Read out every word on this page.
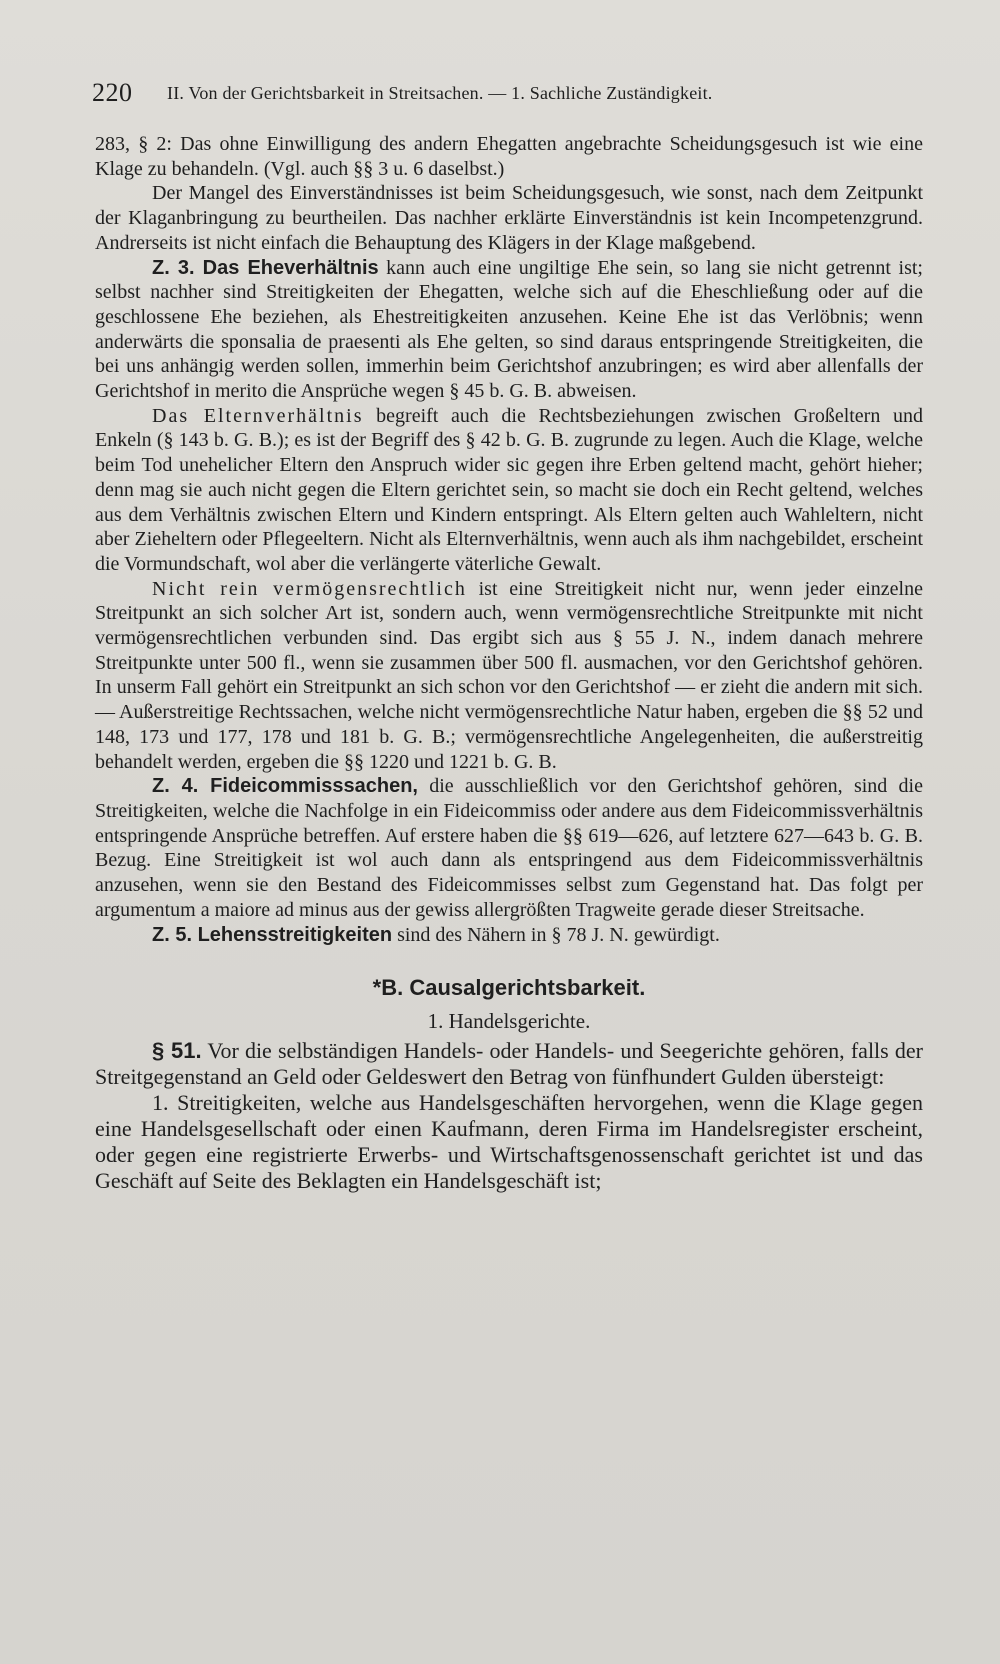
220 II. Von der Gerichtsbarkeit in Streitsachen. — 1. Sachliche Zuständigkeit.

283, § 2: Das ohne Einwilligung des andern Ehegatten angebrachte Scheidungsgesuch ist wie eine Klage zu behandeln. (Vgl. auch §§ 3 u. 6 daselbst.)

Der Mangel des Einverständnisses ist beim Scheidungsgesuch, wie sonst, nach dem Zeitpunkt der Klaganbringung zu beurtheilen. Das nachher erklärte Einverständnis ist kein Incompetenzgrund. Andrerseits ist nicht einfach die Behauptung des Klägers in der Klage maßgebend.

Z. 3. Das Eheverhältnis kann auch eine ungiltige Ehe sein, so lang sie nicht getrennt ist; selbst nachher sind Streitigkeiten der Ehegatten, welche sich auf die Eheschließung oder auf die geschlossene Ehe beziehen, als Ehestreitigkeiten anzusehen. Keine Ehe ist das Verlöbnis; wenn anderwärts die sponsalia de praesenti als Ehe gelten, so sind daraus entspringende Streitigkeiten, die bei uns anhängig werden sollen, immerhin beim Gerichtshof anzubringen; es wird aber allenfalls der Gerichtshof in merito die Ansprüche wegen § 45 b. G. B. abweisen.

Das Elternverhältnis begreift auch die Rechtsbeziehungen zwischen Großeltern und Enkeln (§ 143 b. G. B.); es ist der Begriff des § 42 b. G. B. zugrunde zu legen. Auch die Klage, welche beim Tod unehelicher Eltern den Anspruch wider sic gegen ihre Erben geltend macht, gehört hieher; denn mag sie auch nicht gegen die Eltern gerichtet sein, so macht sie doch ein Recht geltend, welches aus dem Verhältnis zwischen Eltern und Kindern entspringt. Als Eltern gelten auch Wahleltern, nicht aber Zieheltern oder Pflegeeltern. Nicht als Elternverhältnis, wenn auch als ihm nachgebildet, erscheint die Vormundschaft, wol aber die verlängerte väterliche Gewalt.

Nicht rein vermögensrechtlich ist eine Streitigkeit nicht nur, wenn jeder einzelne Streitpunkt an sich solcher Art ist, sondern auch, wenn vermögensrechtliche Streitpunkte mit nicht vermögensrechtlichen verbunden sind. Das ergibt sich aus § 55 J. N., indem danach mehrere Streitpunkte unter 500 fl., wenn sie zusammen über 500 fl. ausmachen, vor den Gerichtshof gehören. In unserm Fall gehört ein Streitpunkt an sich schon vor den Gerichtshof — er zieht die andern mit sich. — Außerstreitige Rechtssachen, welche nicht vermögensrechtliche Natur haben, ergeben die §§ 52 und 148, 173 und 177, 178 und 181 b. G. B.; vermögensrechtliche Angelegenheiten, die außerstreitig behandelt werden, ergeben die §§ 1220 und 1221 b. G. B.

Z. 4. Fideicommisssachen, die ausschließlich vor den Gerichtshof gehören, sind die Streitigkeiten, welche die Nachfolge in ein Fideicommiss oder andere aus dem Fideicommissverhältnis entspringende Ansprüche betreffen. Auf erstere haben die §§ 619—626, auf letztere 627—643 b. G. B. Bezug. Eine Streitigkeit ist wol auch dann als entspringend aus dem Fideicommissverhältnis anzusehen, wenn sie den Bestand des Fideicommisses selbst zum Gegenstand hat. Das folgt per argumentum a maiore ad minus aus der gewiss allergrößten Tragweite gerade dieser Streitsache.

Z. 5. Lehensstreitigkeiten sind des Nähern in § 78 J. N. gewürdigt.

*B. Causalgerichtsbarkeit.
1. Handelsgerichte.

§ 51. Vor die selbständigen Handels- oder Handels- und Seegerichte gehören, falls der Streitgegenstand an Geld oder Geldeswert den Betrag von fünfhundert Gulden übersteigt:

1. Streitigkeiten, welche aus Handelsgeschäften hervorgehen, wenn die Klage gegen eine Handelsgesellschaft oder einen Kaufmann, deren Firma im Handelsregister erscheint, oder gegen eine registrierte Erwerbs- und Wirtschaftsgenossenschaft gerichtet ist und das Geschäft auf Seite des Beklagten ein Handelsgeschäft ist;
